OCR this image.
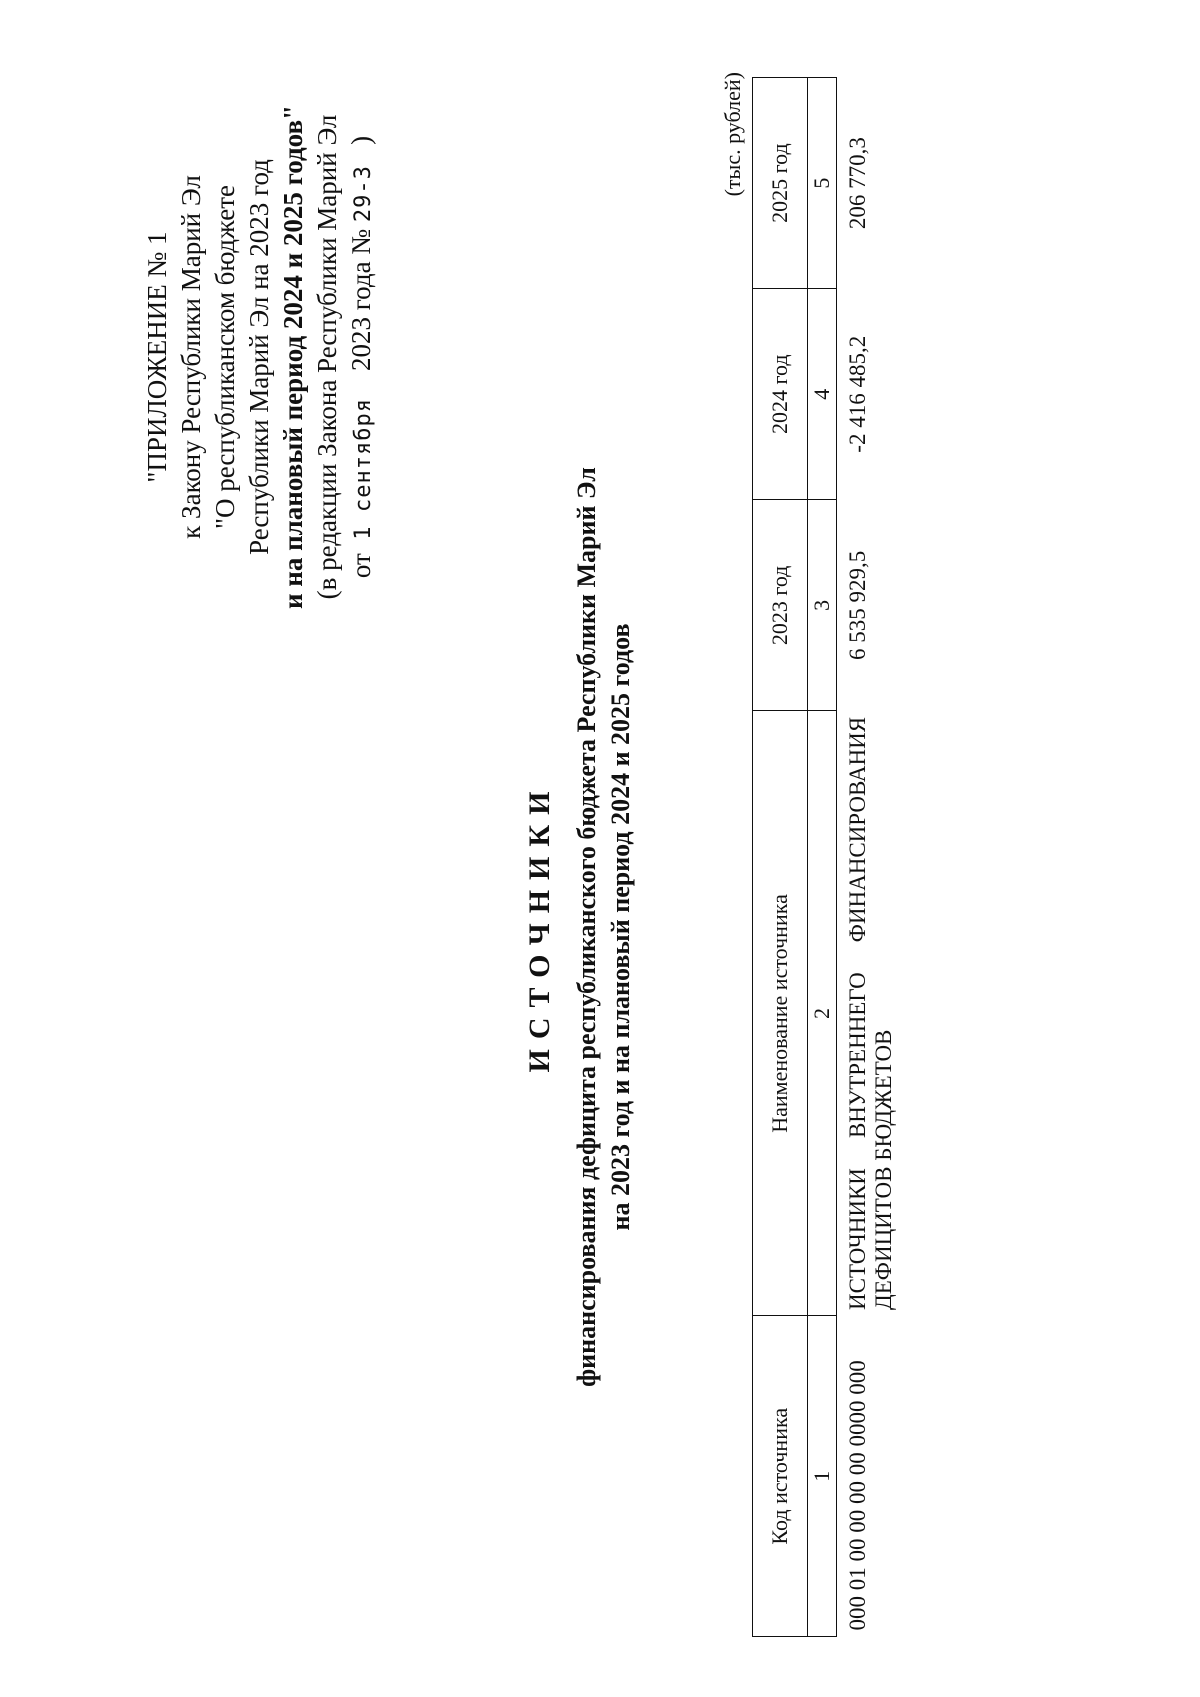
"ПРИЛОЖЕНИЕ № 1 к Закону Республики Марий Эл "О республиканском бюджете Республики Марий Эл на 2023 год и на плановый период 2024 и 2025 годов" (в редакции Закона Республики Марий Эл от  1  сентября    2023 года № 29-З   )
ИСТОЧНИКИ финансирования дефицита республиканского бюджета Республики Марий Эл на 2023 год и на плановый период 2024 и 2025 годов
(тыс. рублей)
Код источника	Наименование источника	2023 год	2024 год	2025 год
1	2	3	4	5
000 01 00 00 00 00 0000 000	ИСТОЧНИКИ ВНУТРЕННЕГО ФИНАНСИРОВАНИЯ ДЕФИЦИТОВ БЮДЖЕТОВ	6 535 929,5	-2 416 485,2	206 770,3
